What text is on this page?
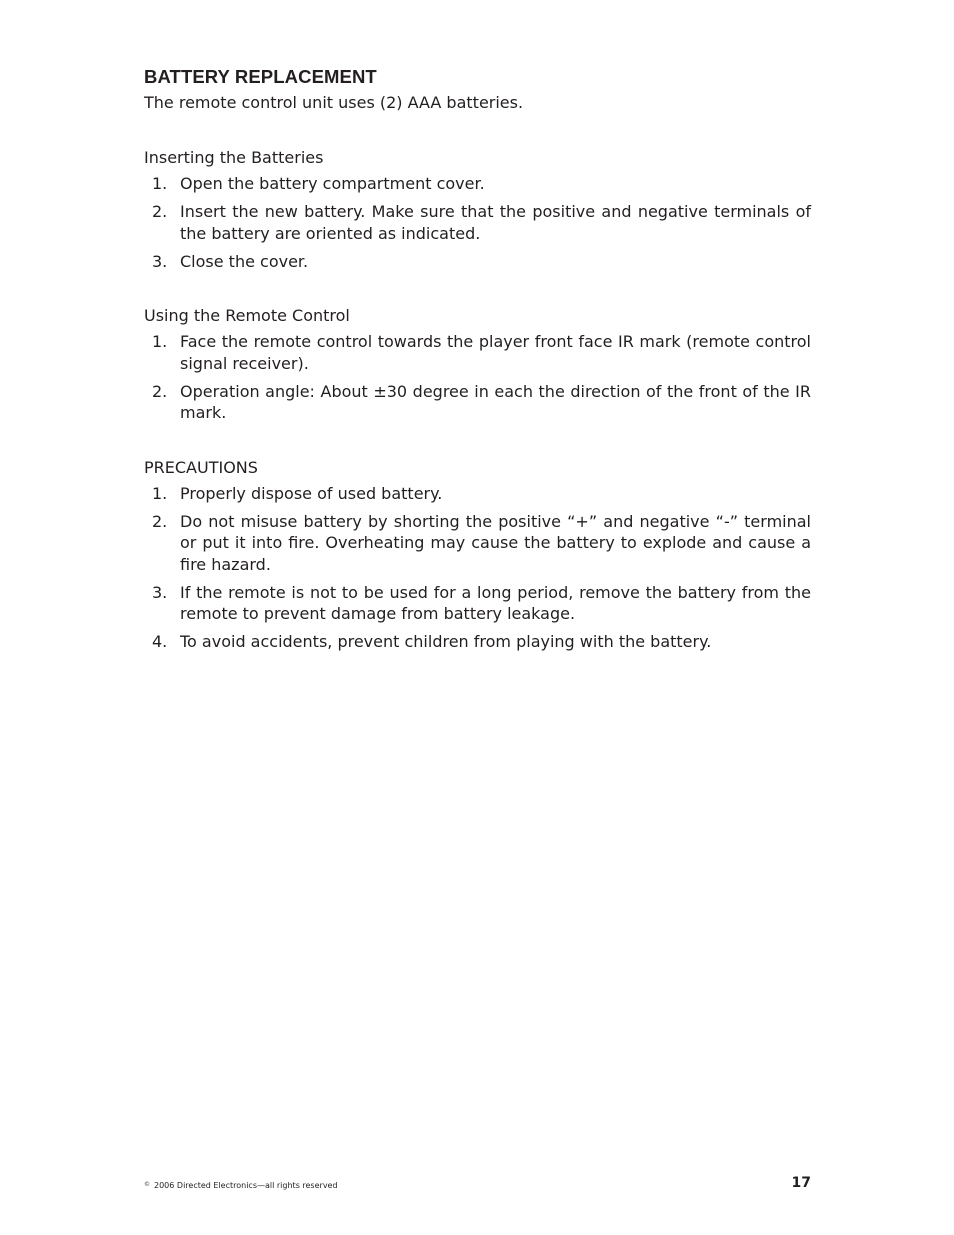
BATTERY REPLACEMENT

The remote control unit uses (2) AAA batteries.

Inserting the Batteries
1. Open the battery compartment cover.
2. Insert the new battery. Make sure that the positive and negative terminals of the battery are oriented as indicated.
3. Close the cover.
Using the Remote Control
1. Face the remote control towards the player front face IR mark (remote control signal receiver).
2. Operation angle: About ±30 degree in each the direction of the front of the IR mark.
PRECAUTIONS
1. Properly dispose of used battery.
2. Do not misuse battery by shorting the positive “+” and negative “-” terminal or put it into fire. Overheating may cause the battery to explode and cause a fire hazard.
3. If the remote is not to be used for a long period, remove the battery from the remote to prevent damage from battery leakage.
4. To avoid accidents, prevent children from playing with the battery.
© 2006 Directed Electronics—all rights reserved	17
